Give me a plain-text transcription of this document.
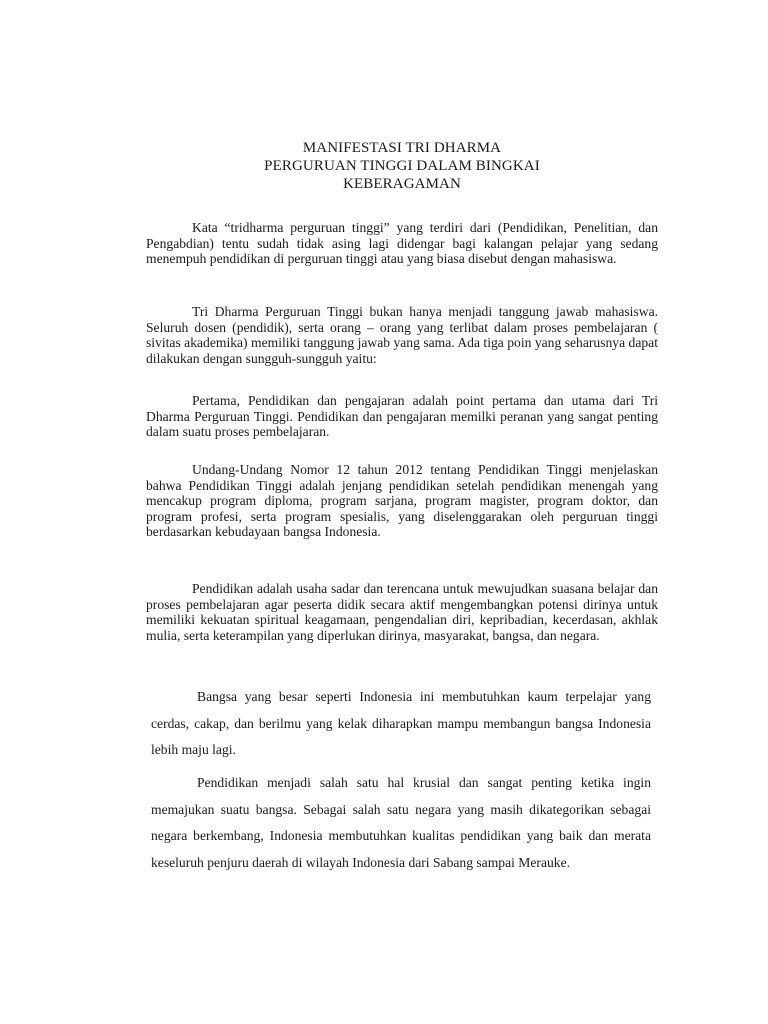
MANIFESTASI TRI DHARMA
PERGURUAN TINGGI DALAM BINGKAI
KEBERAGAMAN

Kata “tridharma perguruan tinggi” yang terdiri dari (Pendidikan, Penelitian, dan Pengabdian) tentu sudah tidak asing lagi didengar bagi kalangan pelajar yang sedang menempuh pendidikan di perguruan tinggi atau yang biasa disebut dengan mahasiswa.

Tri Dharma Perguruan Tinggi bukan hanya menjadi tanggung jawab mahasiswa. Seluruh dosen (pendidik), serta orang – orang yang terlibat dalam proses pembelajaran ( sivitas akademika) memiliki tanggung jawab yang sama. Ada tiga poin yang seharusnya dapat dilakukan dengan sungguh-sungguh yaitu:

Pertama, Pendidikan dan pengajaran adalah point pertama dan utama dari Tri Dharma Perguruan Tinggi. Pendidikan dan pengajaran memilki peranan yang sangat penting dalam suatu proses pembelajaran.

Undang-Undang Nomor 12 tahun 2012 tentang Pendidikan Tinggi menjelaskan bahwa Pendidikan Tinggi adalah jenjang pendidikan setelah pendidikan menengah yang mencakup program diploma, program sarjana, program magister, program doktor, dan program profesi, serta program spesialis, yang diselenggarakan oleh perguruan tinggi berdasarkan kebudayaan bangsa Indonesia.

Pendidikan adalah usaha sadar dan terencana untuk mewujudkan suasana belajar dan proses pembelajaran agar peserta didik secara aktif mengembangkan potensi dirinya untuk memiliki kekuatan spiritual keagamaan, pengendalian diri, kepribadian, kecerdasan, akhlak mulia, serta keterampilan yang diperlukan dirinya, masyarakat, bangsa, dan negara.

Bangsa yang besar seperti Indonesia ini membutuhkan kaum terpelajar yang cerdas, cakap, dan berilmu yang kelak diharapkan mampu membangun bangsa Indonesia lebih maju lagi.

Pendidikan menjadi salah satu hal krusial dan sangat penting ketika ingin memajukan suatu bangsa. Sebagai salah satu negara yang masih dikategorikan sebagai negara berkembang, Indonesia membutuhkan kualitas pendidikan yang baik dan merata keseluruh penjuru daerah di wilayah Indonesia dari Sabang sampai Merauke.
